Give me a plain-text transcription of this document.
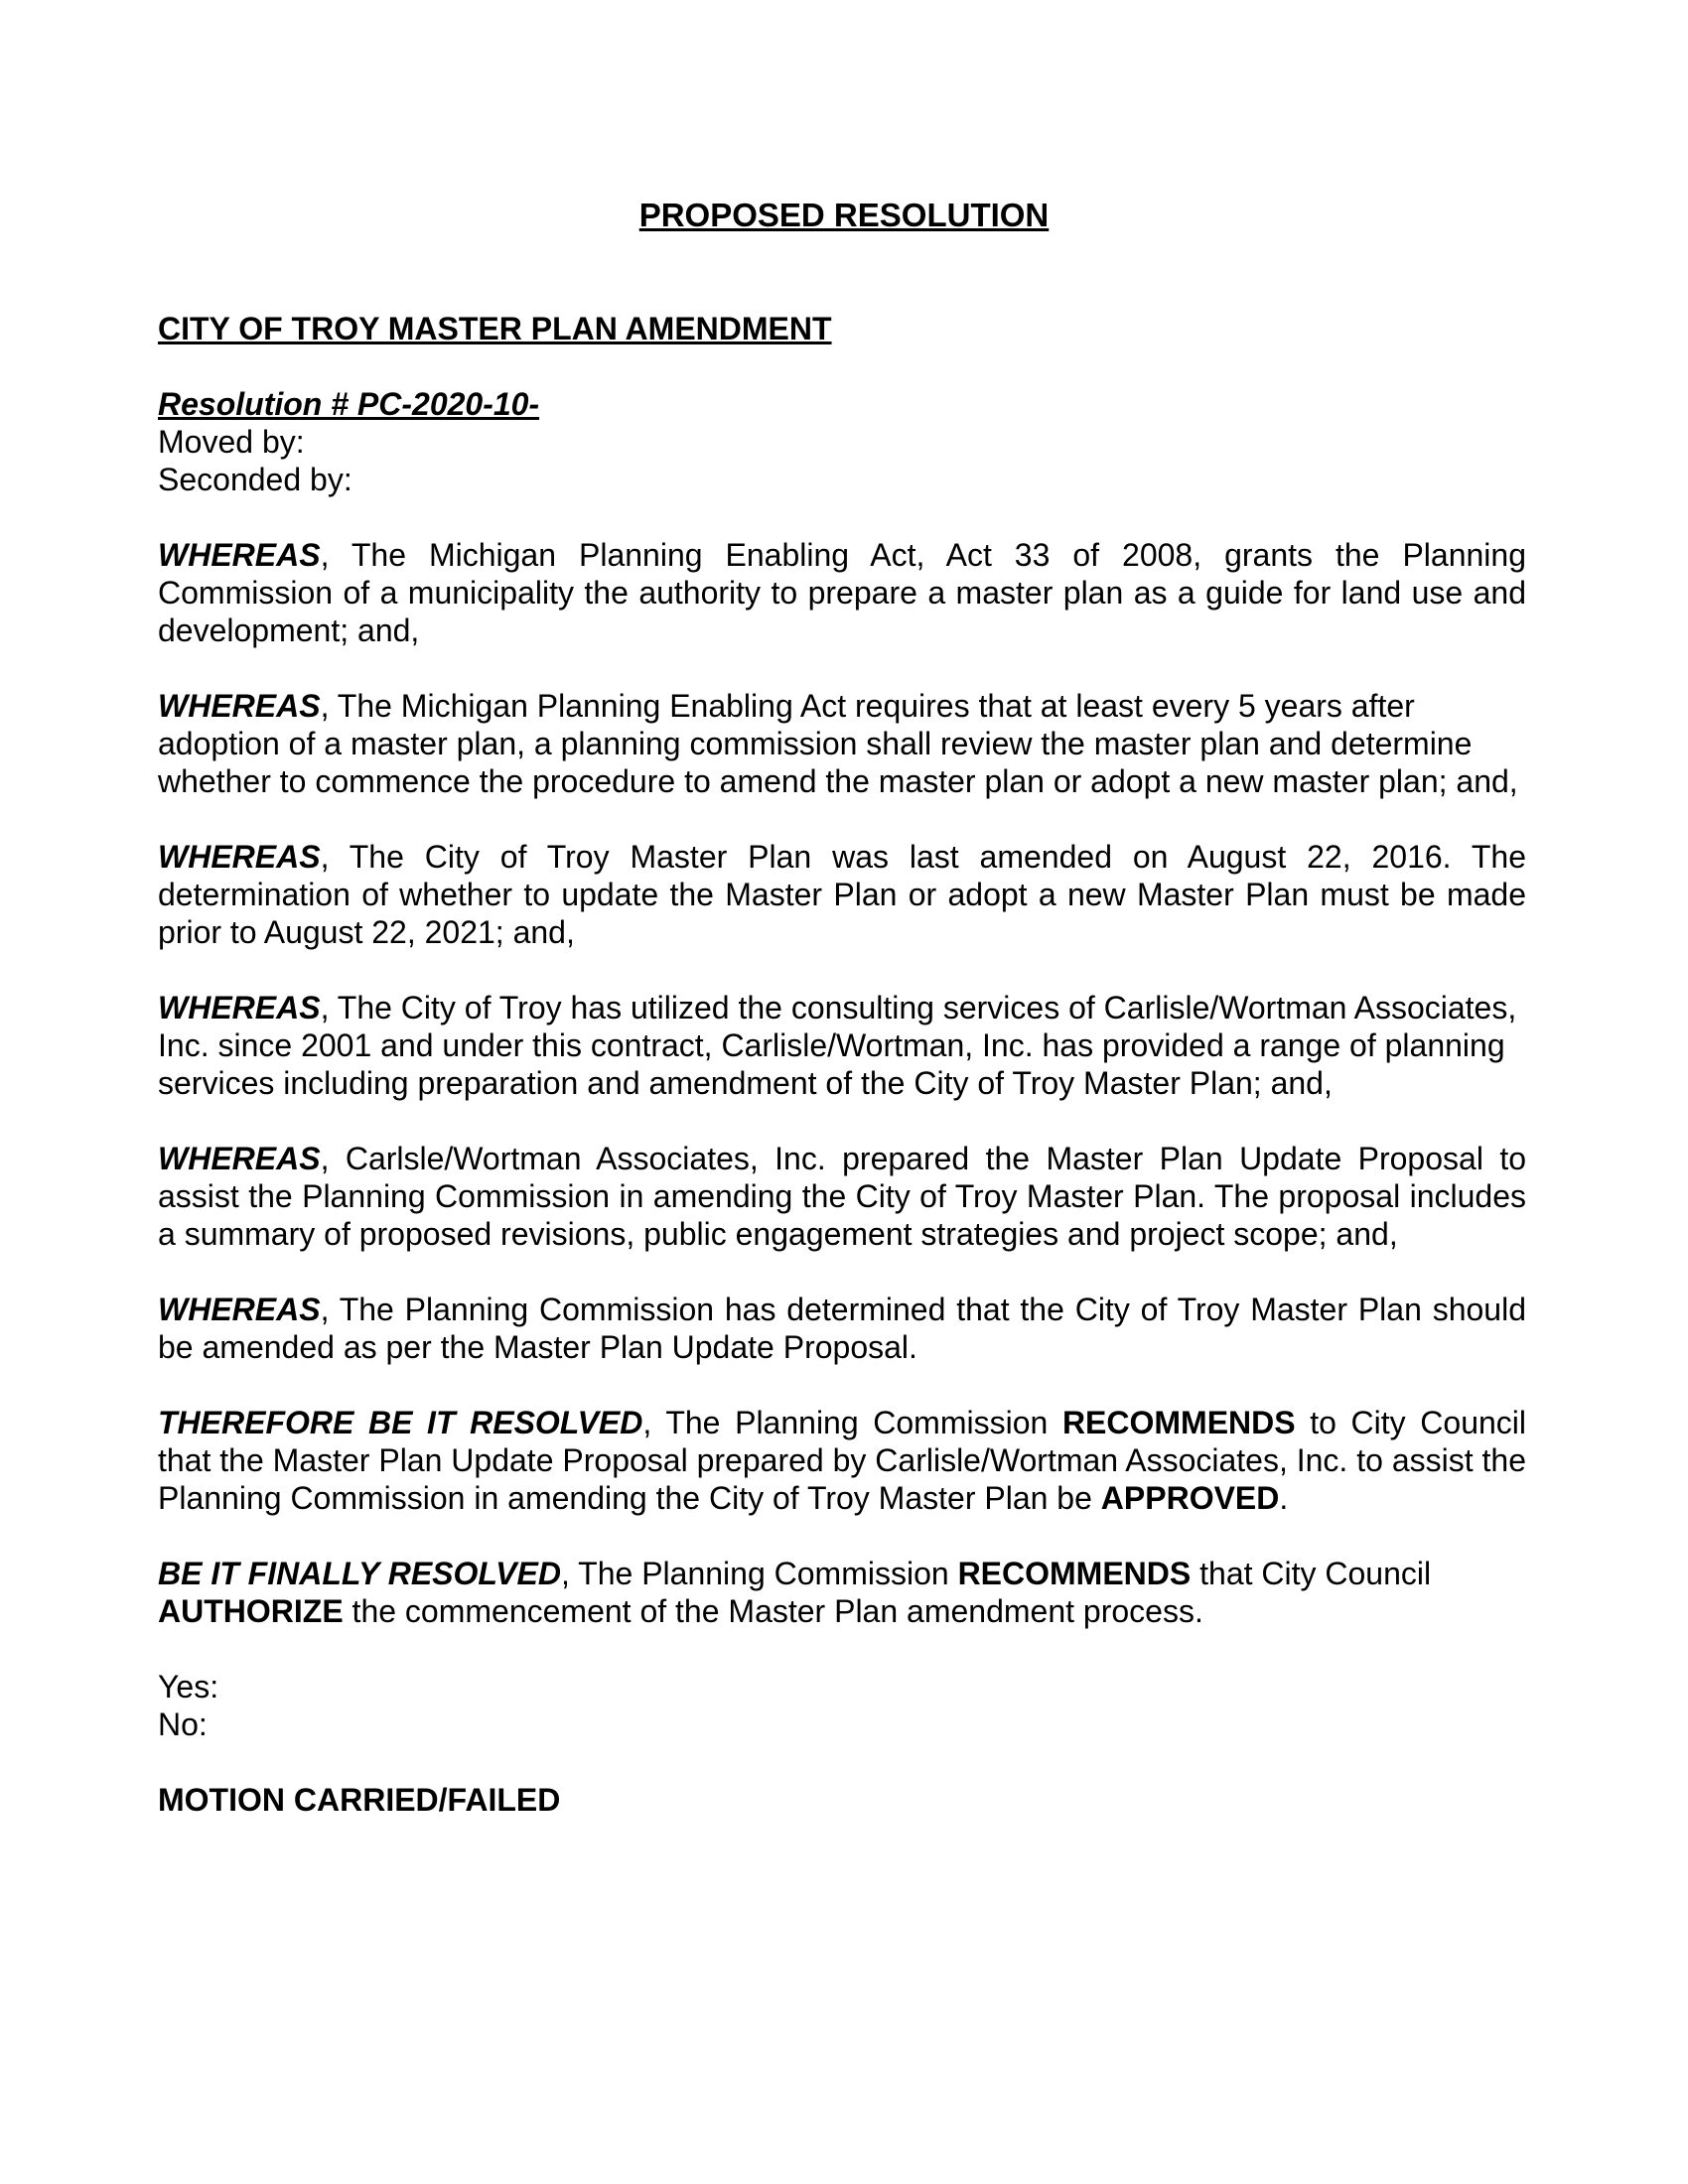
PROPOSED RESOLUTION
CITY OF TROY MASTER PLAN AMENDMENT
Resolution # PC-2020-10-
Moved by:
Seconded by:

WHEREAS, The Michigan Planning Enabling Act, Act 33 of 2008, grants the Planning Commission of a municipality the authority to prepare a master plan as a guide for land use and development; and,

WHEREAS, The Michigan Planning Enabling Act requires that at least every 5 years after adoption of a master plan, a planning commission shall review the master plan and determine whether to commence the procedure to amend the master plan or adopt a new master plan; and,

WHEREAS, The City of Troy Master Plan was last amended on August 22, 2016. The determination of whether to update the Master Plan or adopt a new Master Plan must be made prior to August 22, 2021; and,

WHEREAS, The City of Troy has utilized the consulting services of Carlisle/Wortman Associates, Inc. since 2001 and under this contract, Carlisle/Wortman, Inc. has provided a range of planning services including preparation and amendment of the City of Troy Master Plan; and,

WHEREAS, Carlsle/Wortman Associates, Inc. prepared the Master Plan Update Proposal to assist the Planning Commission in amending the City of Troy Master Plan. The proposal includes a summary of proposed revisions, public engagement strategies and project scope; and,

WHEREAS, The Planning Commission has determined that the City of Troy Master Plan should be amended as per the Master Plan Update Proposal.

THEREFORE BE IT RESOLVED, The Planning Commission RECOMMENDS to City Council that the Master Plan Update Proposal prepared by Carlisle/Wortman Associates, Inc. to assist the Planning Commission in amending the City of Troy Master Plan be APPROVED.

BE IT FINALLY RESOLVED, The Planning Commission RECOMMENDS that City Council AUTHORIZE the commencement of the Master Plan amendment process.

Yes:
No:
MOTION CARRIED/FAILED
